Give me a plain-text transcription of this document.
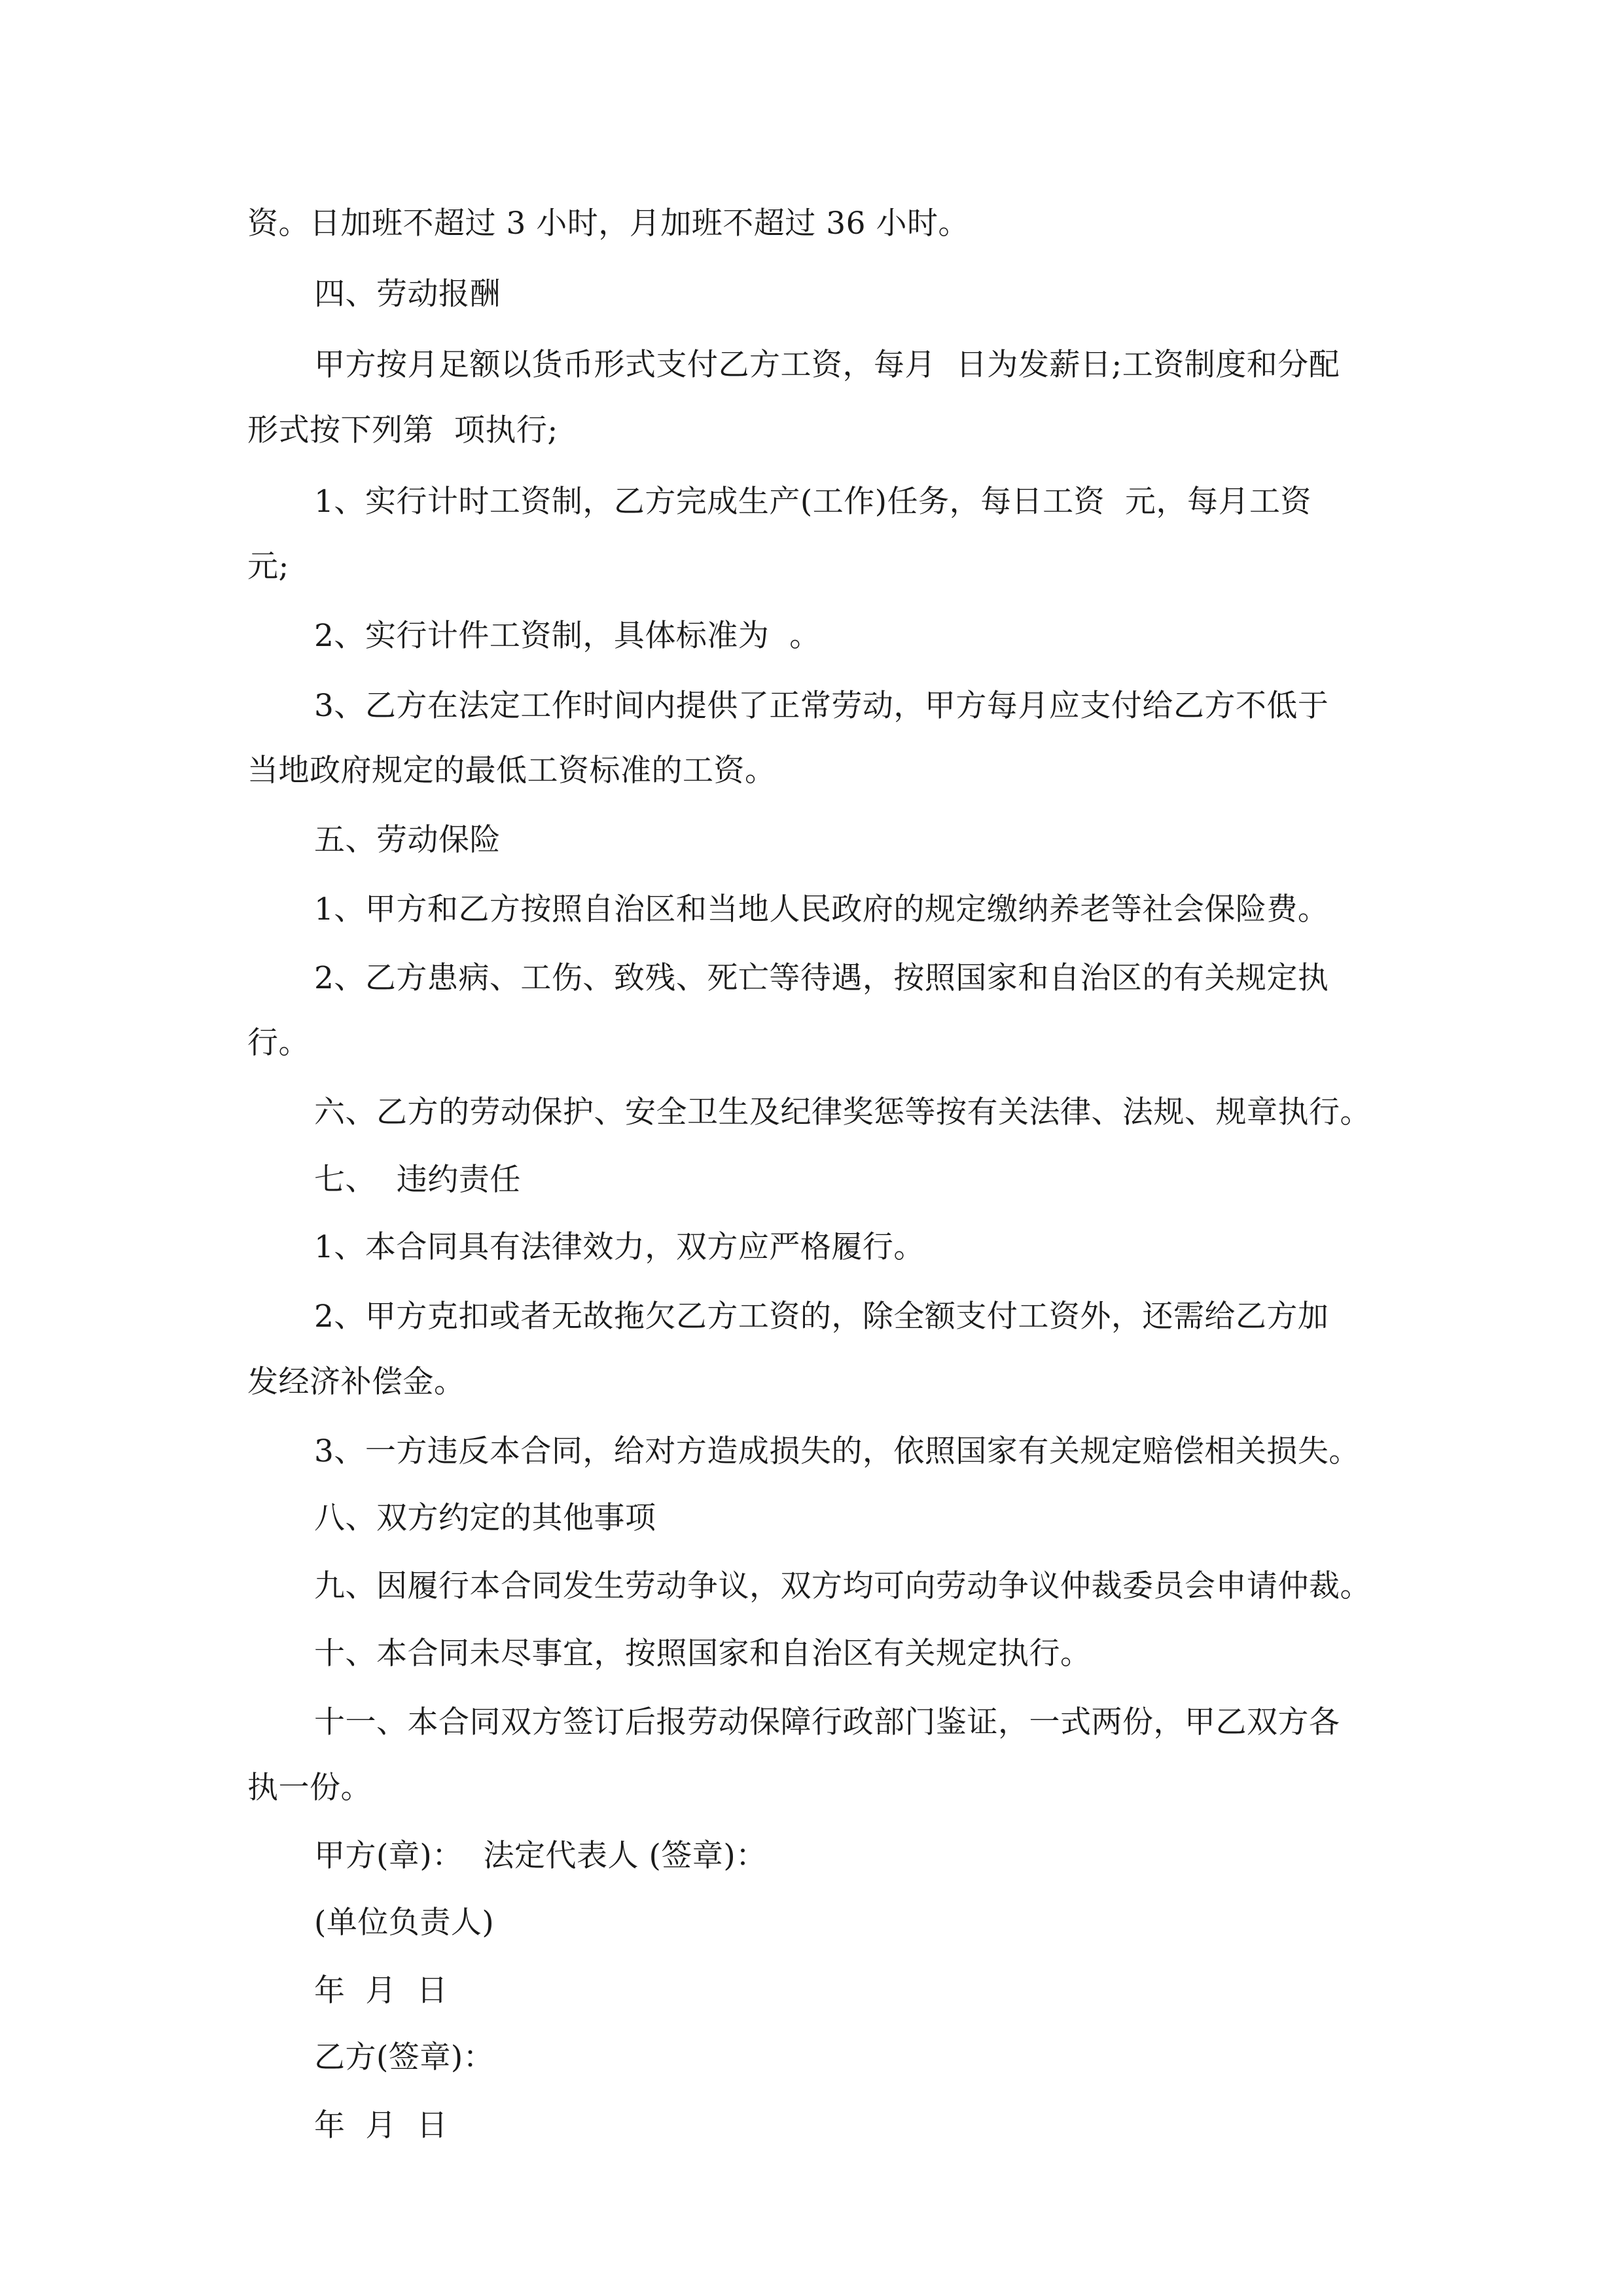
资。日加班不超过 3 小时，月加班不超过 36 小时。
四、劳动报酬
甲方按月足额以货币形式支付乙方工资，每月  日为发薪日;工资制度和分配
形式按下列第  项执行;
1、实行计时工资制，乙方完成生产(工作)任务，每日工资  元，每月工资
元;
2、实行计件工资制，具体标准为  。
3、乙方在法定工作时间内提供了正常劳动，甲方每月应支付给乙方不低于
当地政府规定的最低工资标准的工资。
五、劳动保险
1、甲方和乙方按照自治区和当地人民政府的规定缴纳养老等社会保险费。
2、乙方患病、工伤、致残、死亡等待遇，按照国家和自治区的有关规定执
行。
六、乙方的劳动保护、安全卫生及纪律奖惩等按有关法律、法规、规章执行。
七、  违约责任
1、本合同具有法律效力，双方应严格履行。
2、甲方克扣或者无故拖欠乙方工资的，除全额支付工资外，还需给乙方加
发经济补偿金。
3、一方违反本合同，给对方造成损失的，依照国家有关规定赔偿相关损失。
八、双方约定的其他事项
九、因履行本合同发生劳动争议，双方均可向劳动争议仲裁委员会申请仲裁。
十、本合同未尽事宜，按照国家和自治区有关规定执行。
十一、本合同双方签订后报劳动保障行政部门鉴证，一式两份，甲乙双方各
执一份。
甲方(章)：  法定代表人 (签章)：
(单位负责人)
年  月  日
乙方(签章)：
年  月  日
